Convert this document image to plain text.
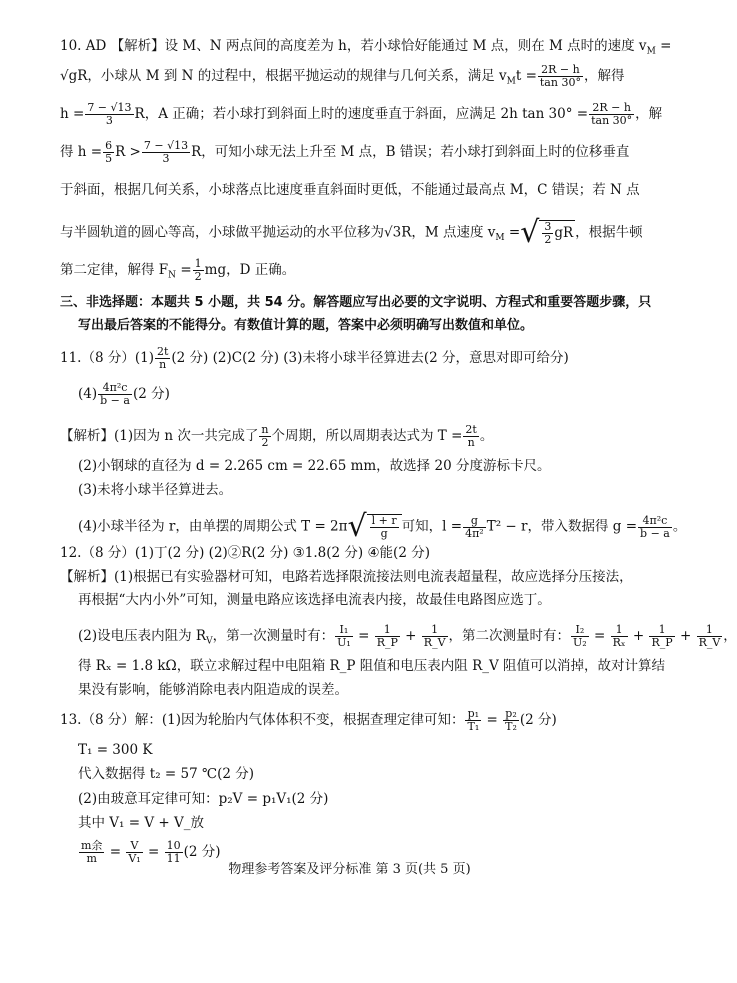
10. AD 【解析】设 M、N 两点间的高度差为 h，若小球恰好能通过 M 点，则在 M 点时的速度 $v_M$ =
√gR，小球从 M 到 N 的过程中，根据平抛运动的规律与几何关系，满足 $v_Mt = \frac{2R - h}{\tan 30^\circ}$ ，解得
$h = \frac{7 - √13}{3}$ R，A 正确；若小球打到斜面上时的速度垂直于斜面，应满足 2h $\tan 30^\circ = \frac{2R - h}{\tan 30^\circ}$ ，解
得 $h = \frac{6}{5}$ $R > \frac{7 - √13}{3}$ R，可知小球无法上升至 M 点，B 错误；若小球打到斜面上时的位移垂直
于斜面，根据几何关系，小球落点比速度垂直斜面时更低，不能通过最高点 M，C 错误；若 N 点
与半圆轨道的圆心等高，小球做平抛运动的水平位移为√3R，M 点速度 $v_M$ =√ $\frac{3}{2}$ gR ，根据牛顿
第二定律，解得 $F_N = \frac{1}{2}$ mg，D 正确。
三、非选择题：本题共 5 小题，共 54 分。解答题应写出必要的文字说明、方程式和重要答题步骤，只
写出最后答案的不能得分。有数值计算的题，答案中必须明确写出数值和单位。
11.（8 分）$(1) \frac{2t}{n} (2$ 分) (2)C(2 分) (3)未将小球半径算进去(2 分，意思对即可给分)
$(4) \frac{\text{4π²c}}{b - a} (2$ 分)
【解析】(1)因为 n 次一共完成了 $\frac{n}{2}$ 个周期，所以周期表达式为 $T = \frac{2t}{n}$ 。
(2)小钢球的直径为 d = 2.265 cm = 22.65 mm，故选择 20 分度游标卡尺。
(3)未将小球半径算进去。
(4)小球半径为 r，由单摆的周期公式 $T = 2\pi√ \frac{l + r}{g}$ 可知，$l = \frac{g}{\text{4π²}} T^2 - r$，带入数据得 $g = \frac{\text{4π²c}}{b - a}$ 。
12.（8 分）(1)丁(2 分) (2)②R(2 分) ③1.8(2 分) ④能(2 分)
【解析】(1)根据已有实验器材可知，电路若选择限流接法则电流表超量程，故应选择分压接法，
再根据“大内小外”可知，测量电路应该选择电流表内接，故最佳电路图应选丁。
(2)设电压表内阻为 $R_V$，第一次测量时有： $\frac{\text{I₁}}{\text{U₁}} = \frac{1}{R\_P} + \frac{1}{R\_V}$ ，第二次测量时有： $\frac{\text{I₂}}{\text{U₂}} = \frac{1}{\text{Rₓ}} + \frac{1}{R\_P} + \frac{1}{R\_V}$ ，
得 Rₓ = 1.8 kΩ，联立求解过程中电阻箱 R_P 阻值和电压表内阻 R_V 阻值可以消掉，故对计算结
果没有影响，能够消除电表内阻造成的误差。
13.（8 分）解：(1)因为轮胎内气体体积不变，根据查理定律可知： $\frac{\text{p₁}}{\text{T₁}} = \frac{\text{p₂}}{\text{T₂}} (2$ 分)
T₁ = 300 K
代入数据得 t₂ = 57 ℃(2 分)
(2)由玻意耳定律可知：p₂V = p₁V₁(2 分)
其中 V₁ = V + V_放
m余
$m = \frac{V}{\text{V₁}} = \frac{10}{11} (2$ 分)
物理参考答案及评分标准 第 3 页(共 5 页)
